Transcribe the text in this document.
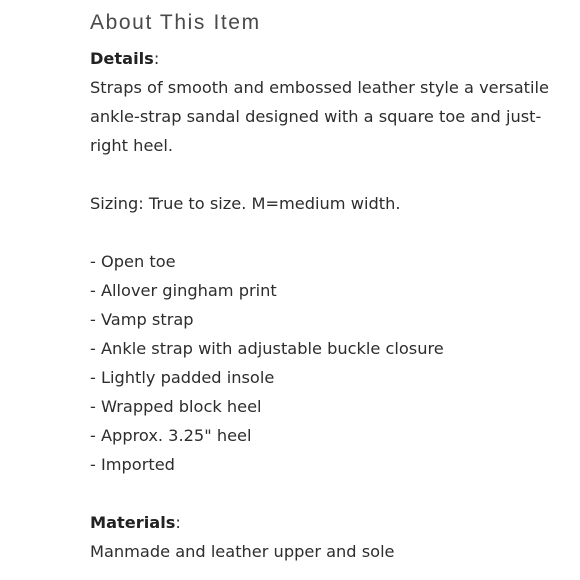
About This Item
Details:
Straps of smooth and embossed leather style a versatile
ankle-strap sandal designed with a square toe and just-
right heel.
Sizing: True to size. M=medium width.
- Open toe
- Allover gingham print
- Vamp strap
- Ankle strap with adjustable buckle closure
- Lightly padded insole
- Wrapped block heel
- Approx. 3.25" heel
- Imported
Materials:
Manmade and leather upper and sole
